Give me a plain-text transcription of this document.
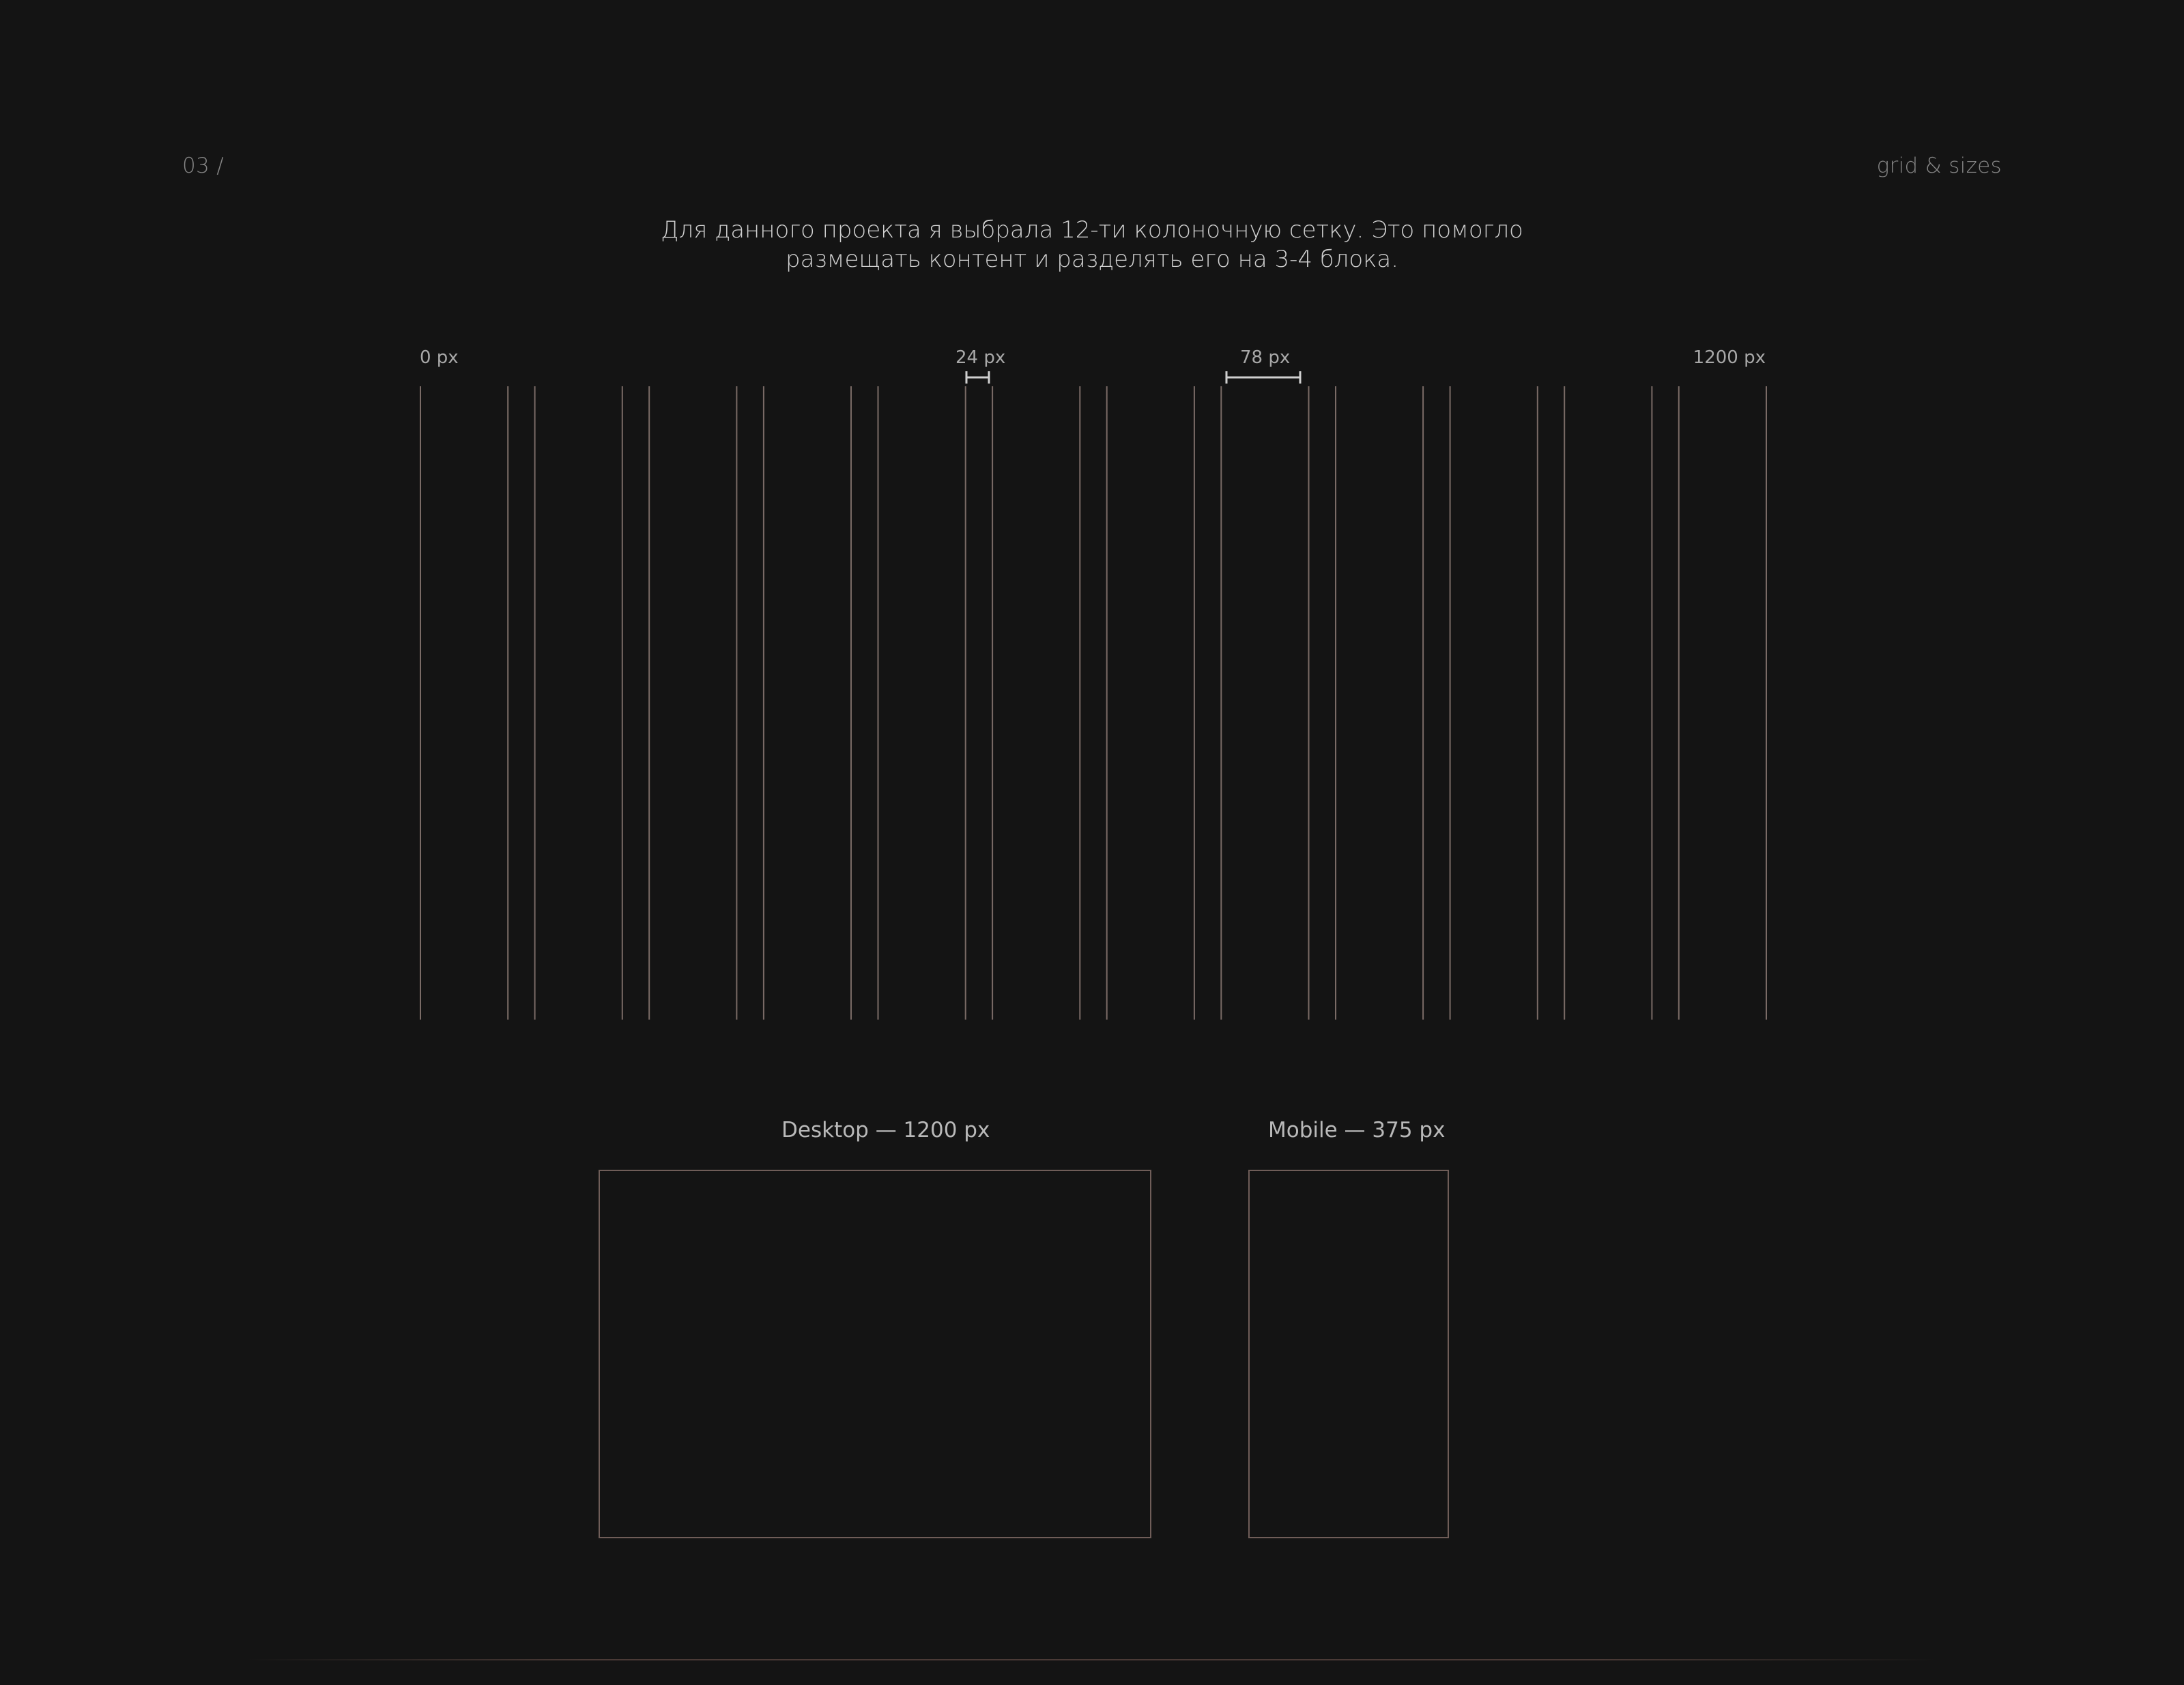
03 /	grid & sizes
Для данного проекта я выбрала 12-ти колоночную сетку. Это помогло
размещать контент и разделять его на 3-4 блока.
0 px	24 px	78 px	1200 px
Desktop — 1200 px	Mobile — 375 px
